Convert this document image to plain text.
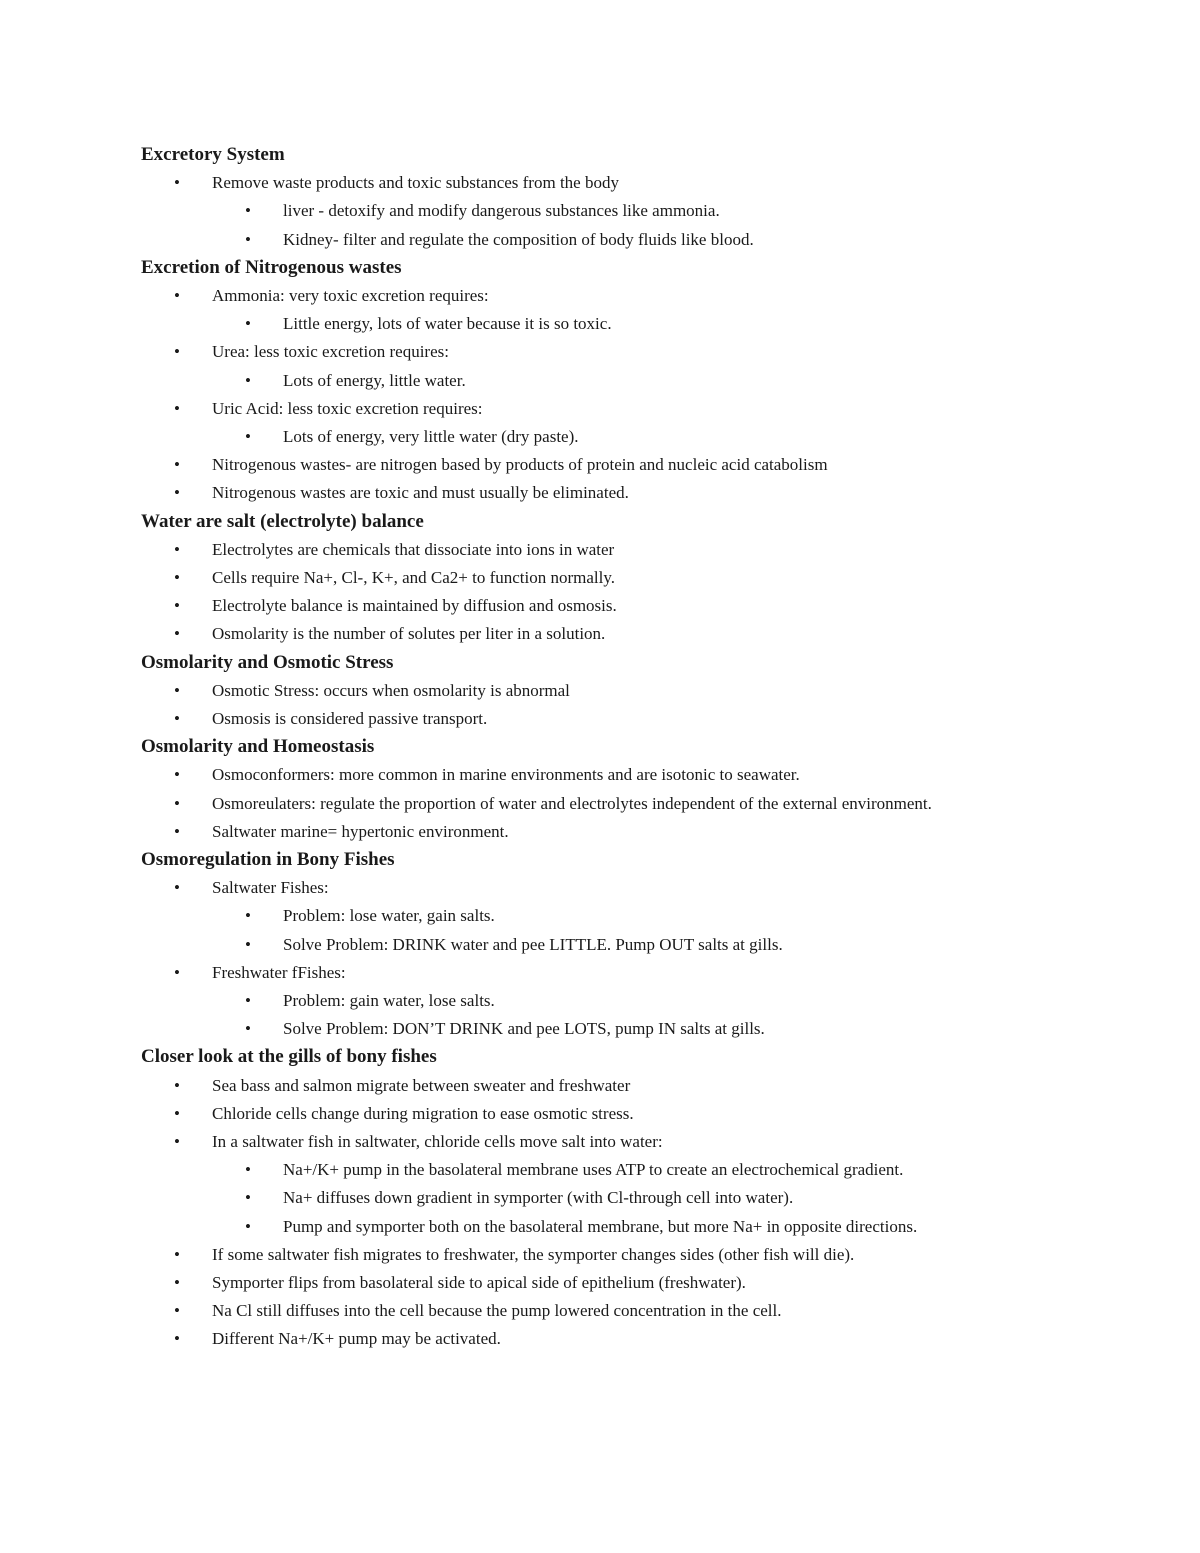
Excretory System
• Remove waste products and toxic substances from the body
• liver - detoxify and modify dangerous substances like ammonia.
• Kidney- filter and regulate the composition of body fluids like blood.
Excretion of Nitrogenous wastes
• Ammonia: very toxic excretion requires:
• Little energy, lots of water because it is so toxic.
• Urea: less toxic excretion requires:
• Lots of energy, little water.
• Uric Acid: less toxic excretion requires:
• Lots of energy, very little water (dry paste).
• Nitrogenous wastes- are nitrogen based by products of protein and nucleic acid catabolism
• Nitrogenous wastes are toxic and must usually be eliminated.
Water are salt (electrolyte) balance
• Electrolytes are chemicals that dissociate into ions in water
• Cells require Na+, Cl-, K+, and Ca2+ to function normally.
• Electrolyte balance is maintained by diffusion and osmosis.
• Osmolarity is the number of solutes per liter in a solution.
Osmolarity and Osmotic Stress
• Osmotic Stress: occurs when osmolarity is abnormal
• Osmosis is considered passive transport.
Osmolarity and Homeostasis
• Osmoconformers: more common in marine environments and are isotonic to seawater.
• Osmoreulaters: regulate the proportion of water and electrolytes independent of the external environment.
• Saltwater marine= hypertonic environment.
Osmoregulation in Bony Fishes
• Saltwater Fishes:
• Problem: lose water, gain salts.
• Solve Problem: DRINK water and pee LITTLE. Pump OUT salts at gills.
• Freshwater fFishes:
• Problem: gain water, lose salts.
• Solve Problem: DON’T DRINK and pee LOTS, pump IN salts at gills.
Closer look at the gills of bony fishes
• Sea bass and salmon migrate between sweater and freshwater
• Chloride cells change during migration to ease osmotic stress.
• In a saltwater fish in saltwater, chloride cells move salt into water:
• Na+/K+ pump in the basolateral membrane uses ATP to create an electrochemical gradient.
• Na+ diffuses down gradient in symporter (with Cl-through cell into water).
• Pump and symporter both on the basolateral membrane, but more Na+ in opposite directions.
• If some saltwater fish migrates to freshwater, the symporter changes sides (other fish will die).
• Symporter flips from basolateral side to apical side of epithelium (freshwater).
• Na Cl still diffuses into the cell because the pump lowered concentration in the cell.
• Different Na+/K+ pump may be activated.
